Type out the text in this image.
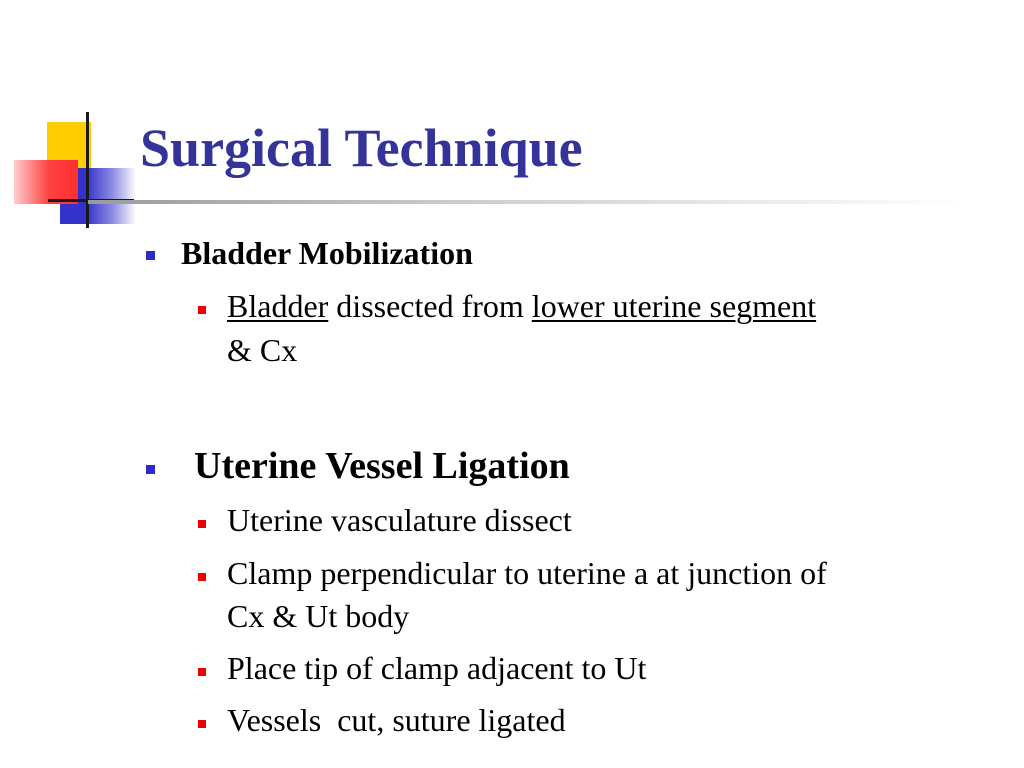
Surgical Technique
Bladder Mobilization
Bladder dissected from lower uterine segment
& Cx
Uterine Vessel Ligation
Uterine vasculature dissect
Clamp perpendicular to uterine a at junction of
Cx & Ut body
Place tip of clamp adjacent to Ut
Vessels  cut, suture ligated
